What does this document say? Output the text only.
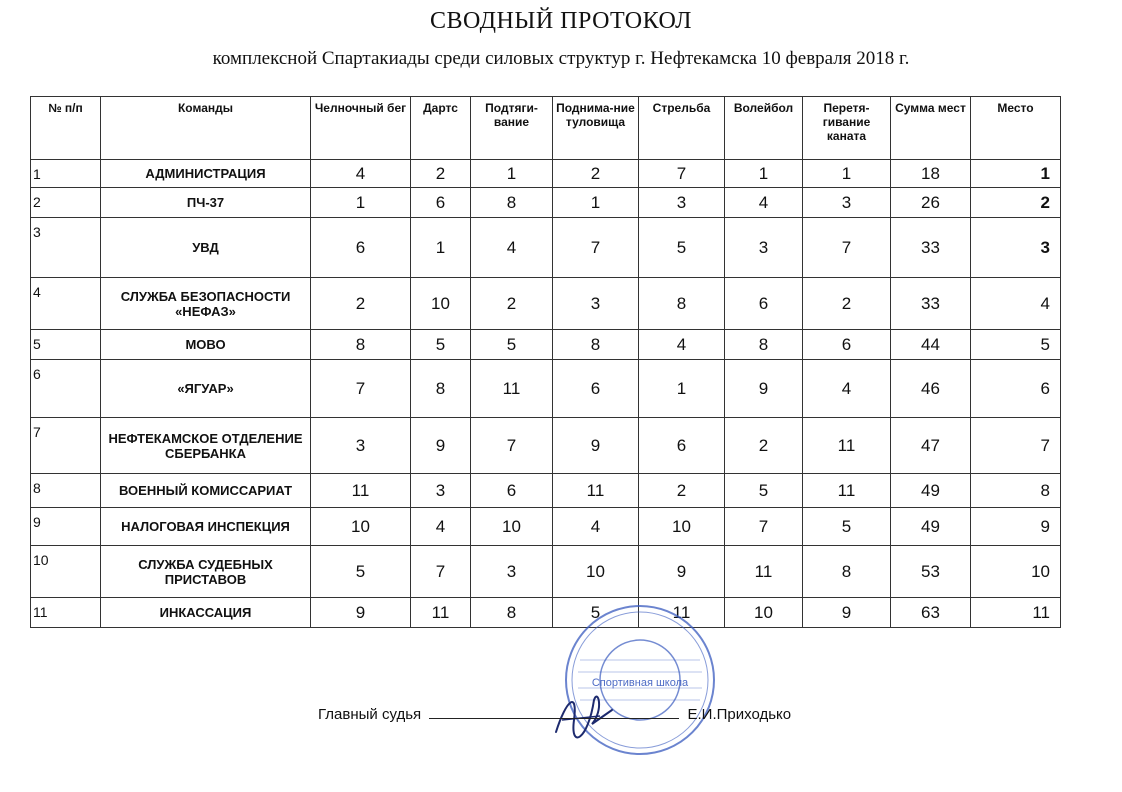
СВОДНЫЙ ПРОТОКОЛ
комплексной Спартакиады среди силовых структур г. Нефтекамска 10 февраля 2018 г.
№ п/п	Команды	Челночный бег	Дартс	Подтяги-вание	Поднима-ние туловища	Стрельба	Волейбол	Перетя-гивание каната	Сумма мест	Место
1	АДМИНИСТРАЦИЯ	4	2	1	2	7	1	1	18	1
2	ПЧ-37	1	6	8	1	3	4	3	26	2
3	УВД	6	1	4	7	5	3	7	33	3
4	СЛУЖБА БЕЗОПАСНОСТИ «НЕФАЗ»	2	10	2	3	8	6	2	33	4
5	МОВО	8	5	5	8	4	8	6	44	5
6	«ЯГУАР»	7	8	11	6	1	9	4	46	6
7	НЕФТЕКАМСКОЕ ОТДЕЛЕНИЕ СБЕРБАНКА	3	9	7	9	6	2	11	47	7
8	ВОЕННЫЙ КОМИССАРИАТ	11	3	6	11	2	5	11	49	8
9	НАЛОГОВАЯ ИНСПЕКЦИЯ	10	4	10	4	10	7	5	49	9
10	СЛУЖБА СУДЕБНЫХ ПРИСТАВОВ	5	7	3	10	9	11	8	53	10
11	ИНКАССАЦИЯ	9	11	8	5	11	10	9	63	11
Спортивная школа
Главный судья	Е.И.Приходько
